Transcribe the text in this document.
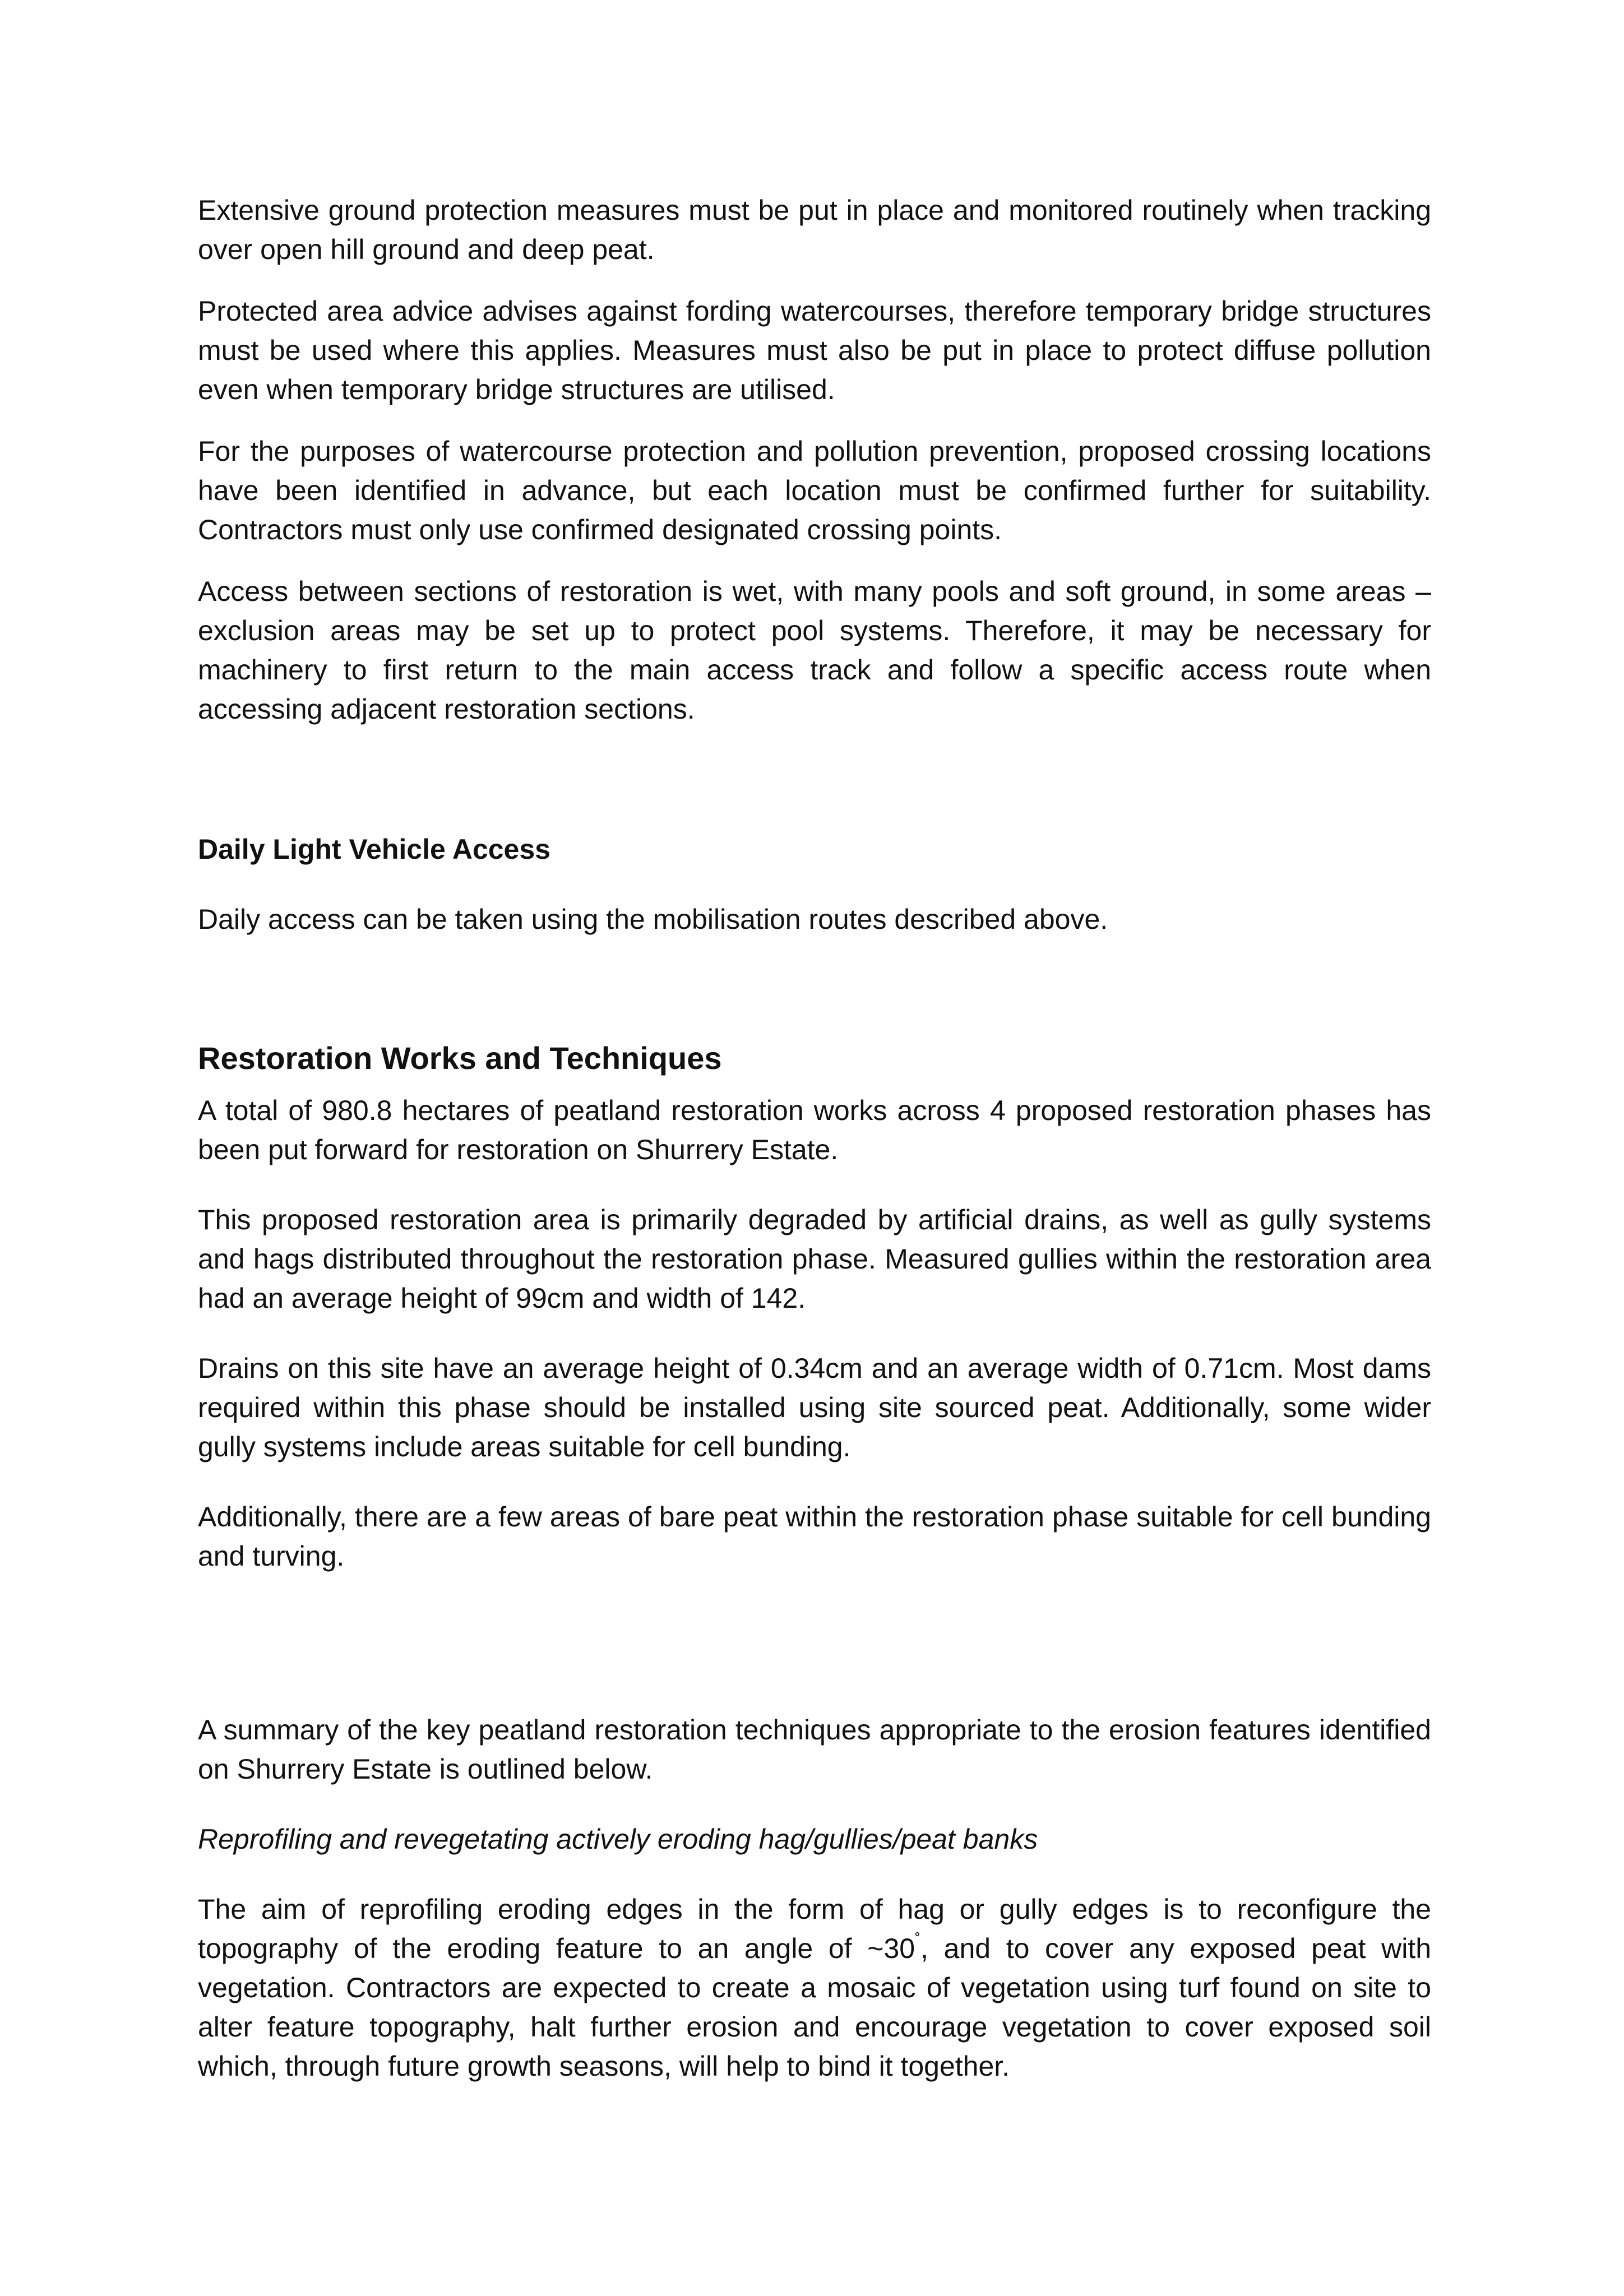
Extensive ground protection measures must be put in place and monitored routinely when tracking over open hill ground and deep peat.

Protected area advice advises against fording watercourses, therefore temporary bridge structures must be used where this applies. Measures must also be put in place to protect diffuse pollution even when temporary bridge structures are utilised.

For the purposes of watercourse protection and pollution prevention, proposed crossing locations have been identified in advance, but each location must be confirmed further for suitability. Contractors must only use confirmed designated crossing points.

Access between sections of restoration is wet, with many pools and soft ground, in some areas – exclusion areas may be set up to protect pool systems. Therefore, it may be necessary for machinery to first return to the main access track and follow a specific access route when accessing adjacent restoration sections.

Daily Light Vehicle Access

Daily access can be taken using the mobilisation routes described above.

Restoration Works and Techniques

A total of 980.8 hectares of peatland restoration works across 4 proposed restoration phases has been put forward for restoration on Shurrery Estate.

This proposed restoration area is primarily degraded by artificial drains, as well as gully systems and hags distributed throughout the restoration phase. Measured gullies within the restoration area had an average height of 99cm and width of 142.

Drains on this site have an average height of 0.34cm and an average width of 0.71cm. Most dams required within this phase should be installed using site sourced peat. Additionally, some wider gully systems include areas suitable for cell bunding.

Additionally, there are a few areas of bare peat within the restoration phase suitable for cell bunding and turving.

A summary of the key peatland restoration techniques appropriate to the erosion features identified on Shurrery Estate is outlined below.

Reprofiling and revegetating actively eroding hag/gullies/peat banks

The aim of reprofiling eroding edges in the form of hag or gully edges is to reconfigure the topography of the eroding feature to an angle of ~30˚, and to cover any exposed peat with vegetation. Contractors are expected to create a mosaic of vegetation using turf found on site to alter feature topography, halt further erosion and encourage vegetation to cover exposed soil which, through future growth seasons, will help to bind it together.
